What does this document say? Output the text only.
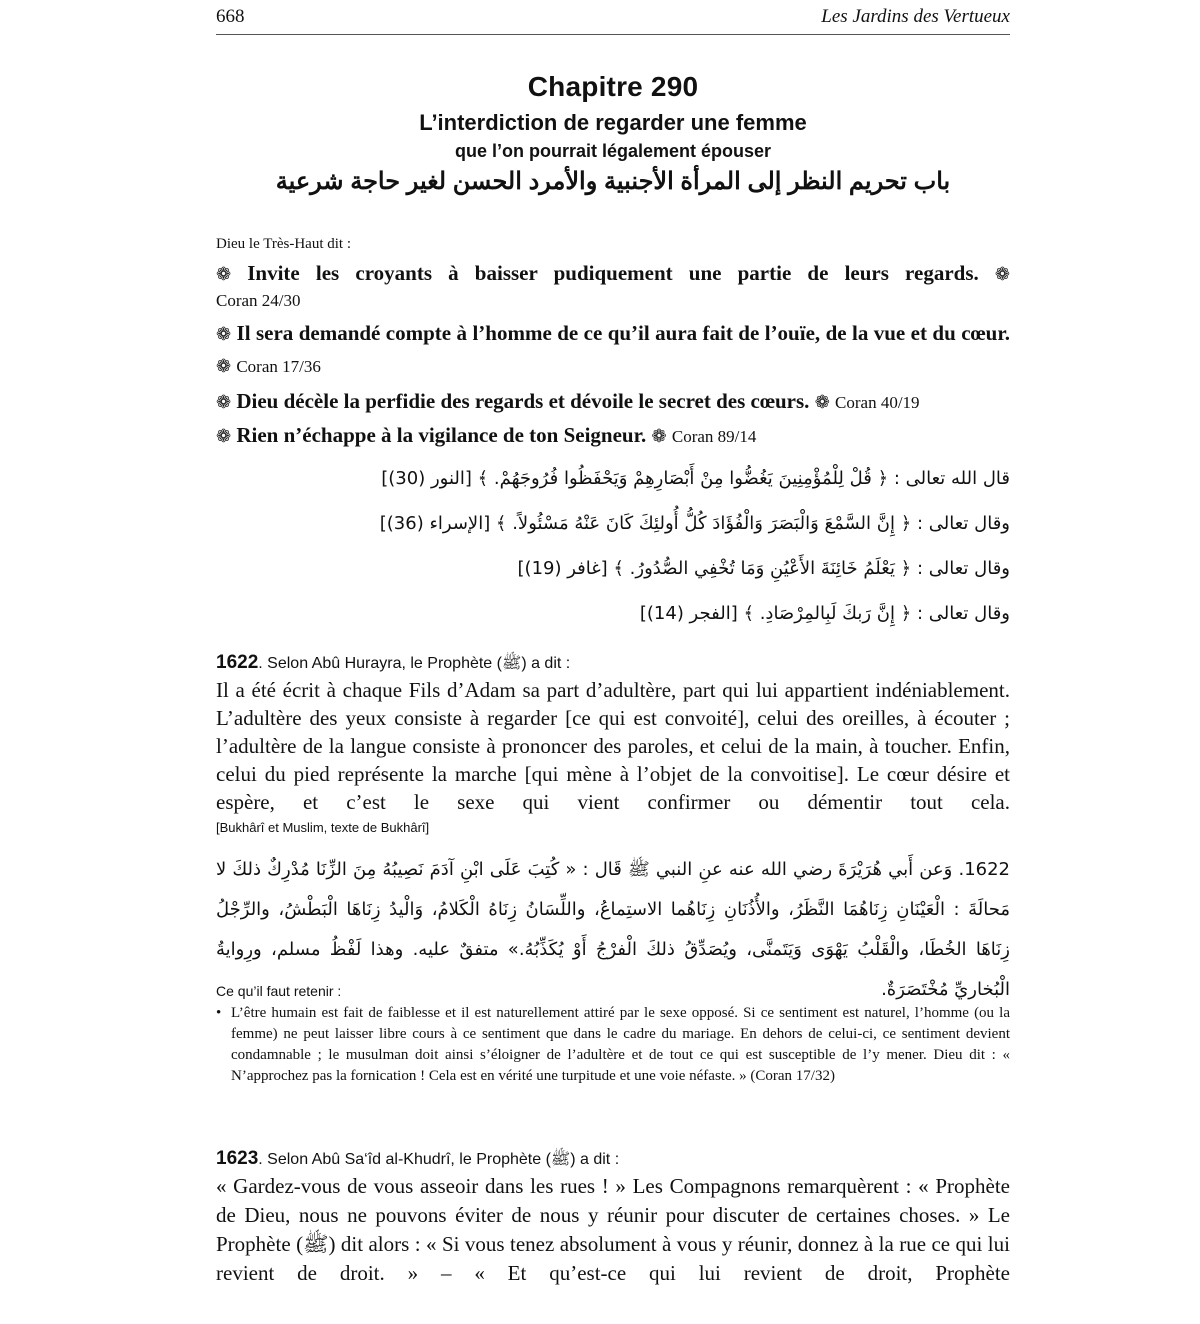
668	Les Jardins des Vertueux
Chapitre 290
L’interdiction de regarder une femme
que l’on pourrait légalement épouser
باب تحريم النظر إلى المرأة الأجنبية والأمرد الحسن لغير حاجة شرعية
Dieu le Très-Haut dit :
❁ Invite les croyants à baisser pudiquement une partie de leurs regards. ❁
Coran 24/30
❁ Il sera demandé compte à l’homme de ce qu’il aura fait de l’ouïe, de la vue et du cœur. ❁ Coran 17/36
❁ Dieu décèle la perfidie des regards et dévoile le secret des cœurs. ❁ Coran 40/19
❁ Rien n’échappe à la vigilance de ton Seigneur. ❁ Coran 89/14
قال الله تعالى : ﴿ قُلْ لِلْمُؤْمِنِينَ يَغُضُّوا مِنْ أَبْصَارِهِمْ وَيَحْفَظُوا فُرُوجَهُمْ. ﴾ [النور (30)]
وقال تعالى : ﴿ إِنَّ السَّمْعَ وَالْبَصَرَ وَالْفُؤَادَ كُلُّ أُولئِكَ كَانَ عَنْهُ مَسْئُولاً. ﴾ [الإسراء (36)]
وقال تعالى : ﴿ يَعْلَمُ خَائِنَةَ الأَعْيُنِ وَمَا تُخْفِي الصُّدُورُ. ﴾ [غافر (19)]
وقال تعالى : ﴿ إِنَّ رَبكَ لَبِالمِرْصَادِ. ﴾ [الفجر (14)]
1622. Selon Abû Hurayra, le Prophète (ﷺ) a dit :
Il a été écrit à chaque Fils d’Adam sa part d’adultère, part qui lui appartient indéniablement. L’adultère des yeux consiste à regarder [ce qui est convoité], celui des oreilles, à écouter ; l’adultère de la langue consiste à prononcer des paroles, et celui de la main, à toucher. Enfin, celui du pied représente la marche [qui mène à l’objet de la convoitise]. Le cœur désire et espère, et c’est le sexe qui vient confirmer ou démentir tout cela.
[Bukhârî et Muslim, texte de Bukhârî]
1622. وَعن أَبي هُرَيْرَةَ رضي الله عنه عنِ النبي ﷺ قَال : « كُتِبَ عَلَى ابْنِ آدَمَ نَصِيبُهُ مِنَ الزِّنَا مُدْرِكٌ ذلكَ لا مَحالَةَ : الْعَيْنَانِ زِنَاهُمَا النَّظَرُ، والأُذُنَانِ زِنَاهُما الاستِماعُ، واللِّسَانُ زِنَاهُ الْكَلامُ، وَالْيدُ زِنَاهَا الْبَطْشُ، والرِّجْلُ زِنَاهَا الخُطَا، والْقَلْبُ يَهْوَى وَيَتَمنَّى، ويُصَدِّقُ ذلكَ الْفرْجُ أَوْ يُكَذِّبُهُ.» متفقٌ عليه. وهذا لَفْظُ مسلم، ورِوايةُ الْبُخاريِّ مُخْتَصَرَةٌ.
Ce qu’il faut retenir :
• L’être humain est fait de faiblesse et il est naturellement attiré par le sexe opposé. Si ce sentiment est naturel, l’homme (ou la femme) ne peut laisser libre cours à ce sentiment que dans le cadre du mariage. En dehors de celui-ci, ce sentiment devient condamnable ; le musulman doit ainsi s’éloigner de l’adultère et de tout ce qui est susceptible de l’y mener. Dieu dit : « N’approchez pas la fornication ! Cela est en vérité une turpitude et une voie néfaste. » (Coran 17/32)
1623. Selon Abû Sa‘îd al-Khudrî, le Prophète (ﷺ) a dit :
« Gardez-vous de vous asseoir dans les rues ! » Les Compagnons remarquèrent : « Prophète de Dieu, nous ne pouvons éviter de nous y réunir pour discuter de certaines choses. » Le Prophète (ﷺ) dit alors : « Si vous tenez absolument à vous y réunir, donnez à la rue ce qui lui revient de droit. » – « Et qu’est-ce qui lui revient de droit, Prophète
